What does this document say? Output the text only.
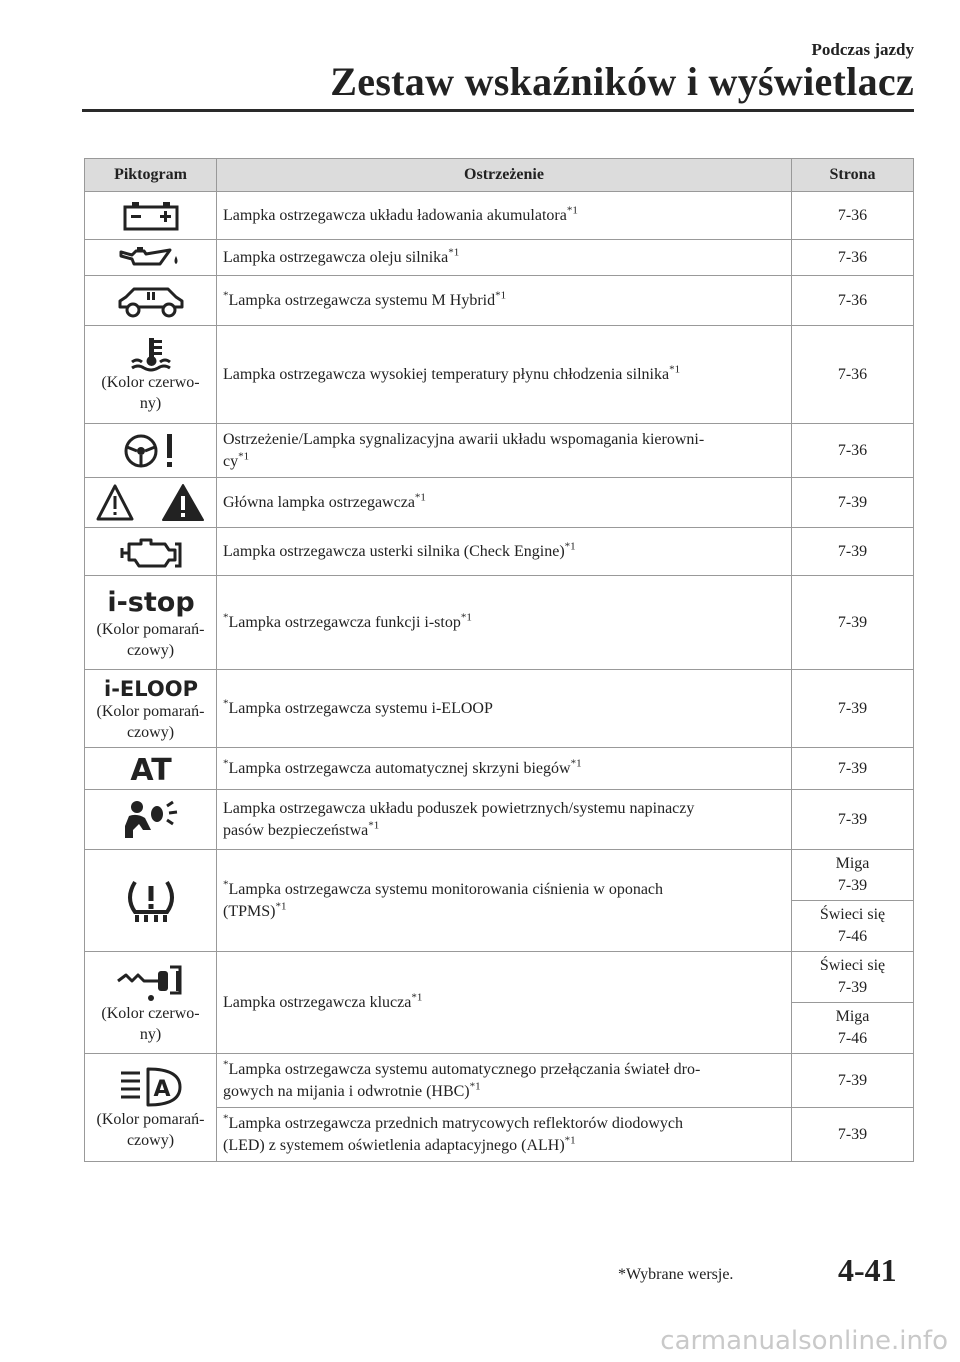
Podczas jazdy
Zestaw wskaźników i wyświetlacz
Piktogram	Ostrzeżenie	Strona

	Lampka ostrzegawcza układu ładowania akumulatora$^{*1}$	7-36

	Lampka ostrzegawcza oleju silnika$^{*1}$	7-36

	*Lampka ostrzegawcza systemu M Hybrid$^{*1}$	7-36

(Kolor czerwo-
ny)	Lampka ostrzegawcza wysokiej temperatury płynu chłodzenia silnika$^{*1}$	7-36

	Ostrzeżenie/Lampka sygnalizacyjna awarii układu wspomagania kierowni-
$cy^{*1}$	7-36

	Główna lampka ostrzegawcza$^{*1}$	7-39

	Lampka ostrzegawcza usterki silnika (Check Engine)$^{*1}$	7-39

i-stop
(Kolor pomarań-
czowy)	*Lampka ostrzegawcza funkcji i-stop$^{*1}$	7-39

i-ELOOP
(Kolor pomarań-
czowy)	*Lampka ostrzegawcza systemu i-ELOOP	7-39

AT	*Lampka ostrzegawcza automatycznej skrzyni biegów$^{*1}$	7-39

	Lampka ostrzegawcza układu poduszek powietrznych/systemu napinaczy
pasów bezpieczeństwa$^{*1}$	7-39

	*Lampka ostrzegawcza systemu monitorowania ciśnienia w oponach
(TPMS)$^{*1}$	Miga
7-39

		Świeci się
7-46

(Kolor czerwo-
ny)	Lampka ostrzegawcza klucza$^{*1}$	Świeci się
7-39

		Miga
7-46

A
(Kolor pomarań-
czowy)	*Lampka ostrzegawcza systemu automatycznego przełączania świateł dro-
gowych na mijania i odwrotnie (HBC)$^{*1}$	7-39
	*Lampka ostrzegawcza przednich matrycowych reflektorów diodowych
(LED) z systemem oświetlenia adaptacyjnego (ALH)$^{*1}$	7-39
*Wybrane wersje.	4-41
carmanualsonline.info
